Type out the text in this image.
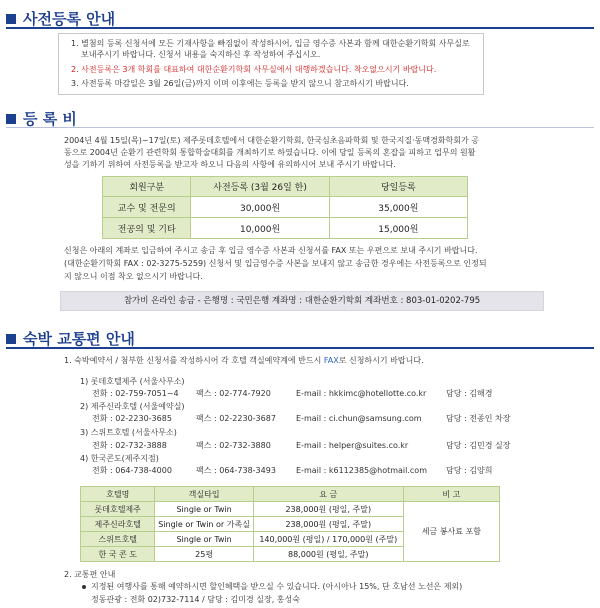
사전등록 안내
1. 별첨의 등록 신청서에 모든 기재사항을 빠짐없이 작성하시어, 입금 영수증 사본과 함께 대한순환기학회 사무실로
보내주시기 바랍니다. 신청서 내용을 숙지하신 후 작성하여 주십시오.
2. 사전등록은 3개 학회를 대표하여 대한순환기학회 사무실에서 대행하겠습니다. 착오없으시기 바랍니다.
3. 사전등록 마감일은 3월 26일(금)까지 이며 이후에는 등록을 받지 않으니 참고하시기 바랍니다.
등 록 비
2004년 4월 15일(목)~17일(토) 제주롯데호텔에서 대한순환기학회, 한국심초음파학회 및 한국지질·동맥경화학회가 공
동으로 2004년 순환기 관련학회 통합학술대회를 개최하기로 하였습니다. 이에 당일 등록의 혼잡을 피하고 업무의 원활
성을 기하기 위하여 사전등록을 받고자 하오니 다음의 사항에 유의하시어 보내 주시기 바랍니다.
회원구분	사전등록 (3월 26일 한)	당일등록
교수 및 전문의	30,000원	35,000원
전공의 및 기타	10,000원	15,000원
신청은 아래의 계좌로 입금하여 주시고 송금 후 입금 영수증 사본과 신청서를 FAX 또는 우편으로 보내 주시기 바랍니다.
(대한순환기학회 FAX : 02-3275-5259) 신청서 및 입금영수증 사본을 보내지 않고 송금한 경우에는 사전등록으로 인정되
지 않으니 이점 착오 없으시기 바랍니다.
참가비 온라인 송금 - 은행명 : 국민은행 계좌명 : 대한순환기학회 계좌번호 : 803-01-0202-795
숙박 교통편 안내
1. 숙박예약서 / 첨부한 신청서를 작성하시어 각 호텔 객실예약계에 반드시 FAX로 신청하시기 바랍니다.
1) 롯데호텔제주 (서울사무소)
전화 : 02-759-7051~4 팩스 : 02-774-7920	E-mail : hkkimc@hotellotte.co.kr 담당 : 김해경
2) 제주신라호텔 (서울예약실)
전화 : 02-2230-3685	팩스 : 02-2230-3687	E-mail : ci.chun@samsung.com	담당 : 전종인 차장
3) 스위트호텔 (서울사무소)
전화 : 02-732-3888	팩스 : 02-732-3880	E-mail : helper@suites.co.kr	담당 : 김민경 실장
4) 한국콘도(제주지점)
전화 : 064-738-4000	팩스 : 064-738-3493	E-mail : k6112385@hotmail.com 담당 : 김양희
호텔명	객실타입	요 금	비 고
롯데호텔제주	Single or Twin	238,000원 (평일, 주말)	세금 봉사료 포함
제주신라호텔	Single or Twin or 가족실	238,000원 (평일, 주말)	
스위트호텔	Single or Twin	140,000원 (평일) / 170,000원 (주말)	
한 국 콘 도	25평	88,000원 (평일, 주말)	
2. 교통편 안내
지정된 여행사를 통해 예약하시면 할인혜택을 받으실 수 있습니다. (아시아나 15%, 단 호남선 노선은 제외)
정동관광 : 전화 02)732-7114 / 담당 : 김미경 실장, 홍성숙
